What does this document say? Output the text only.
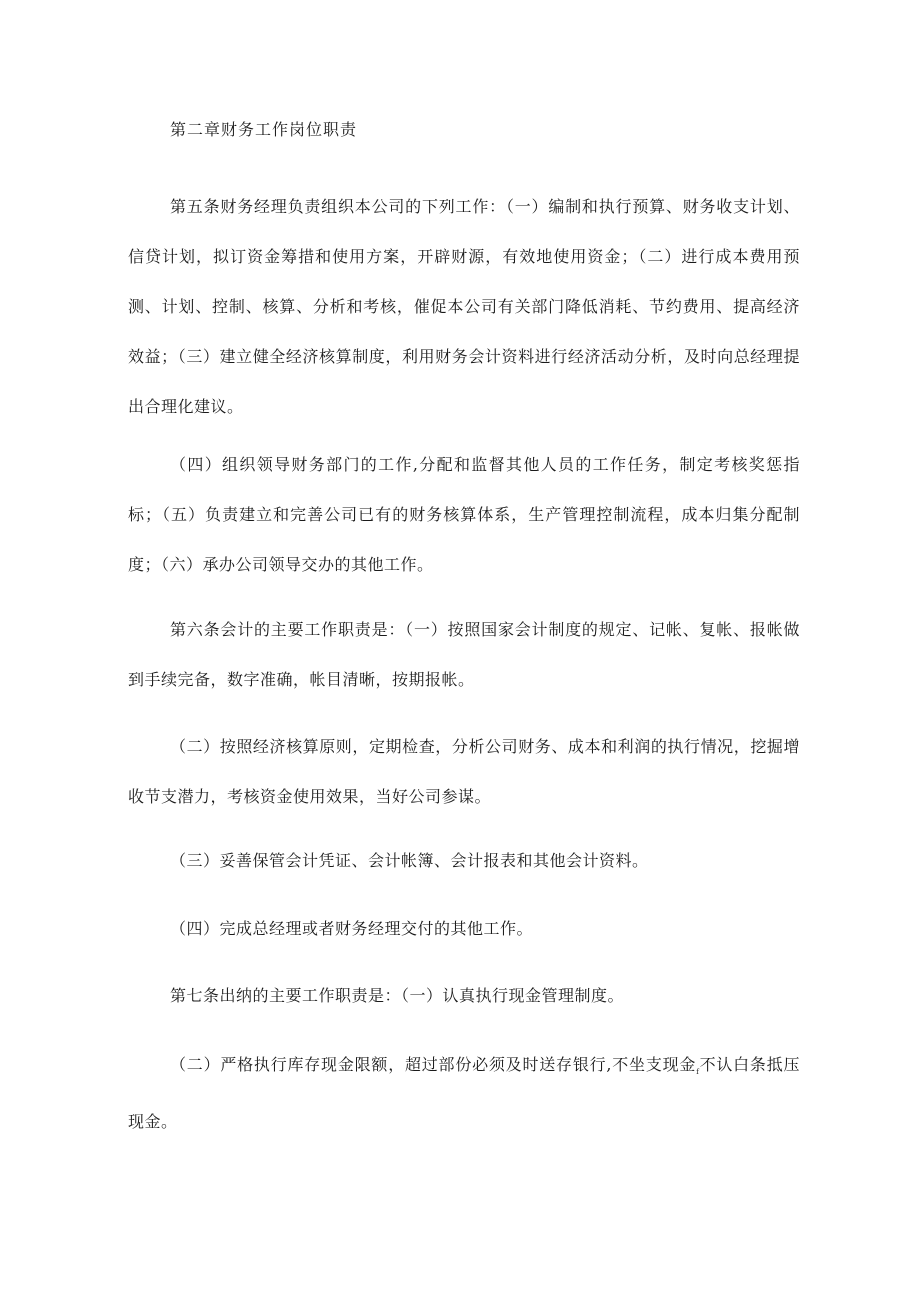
第二章财务工作岗位职责

第五条财务经理负责组织本公司的下列工作：（一）编制和执行预算、财务收支计划、信贷计划，拟订资金筹措和使用方案，开辟财源，有效地使用资金；（二）进行成本费用预测、计划、控制、核算、分析和考核，催促本公司有关部门降低消耗、节约费用、提高经济效益；（三）建立健全经济核算制度，利用财务会计资料进行经济活动分析，及时向总经理提出合理化建议。

（四）组织领导财务部门的工作,分配和监督其他人员的工作任务，制定考核奖惩指标；（五）负责建立和完善公司已有的财务核算体系，生产管理控制流程，成本归集分配制度；（六）承办公司领导交办的其他工作。

第六条会计的主要工作职责是：（一）按照国家会计制度的规定、记帐、复帐、报帐做到手续完备，数字准确，帐目清晰，按期报帐。

（二）按照经济核算原则，定期检查，分析公司财务、成本和利润的执行情况，挖掘增收节支潜力，考核资金使用效果，当好公司参谋。

（三）妥善保管会计凭证、会计帐簿、会计报表和其他会计资料。

（四）完成总经理或者财务经理交付的其他工作。

第七条出纳的主要工作职责是：（一）认真执行现金管理制度。

（二）严格执行库存现金限额，超过部份必须及时送存银行,不坐支现金$_f$不认白条抵压现金。
